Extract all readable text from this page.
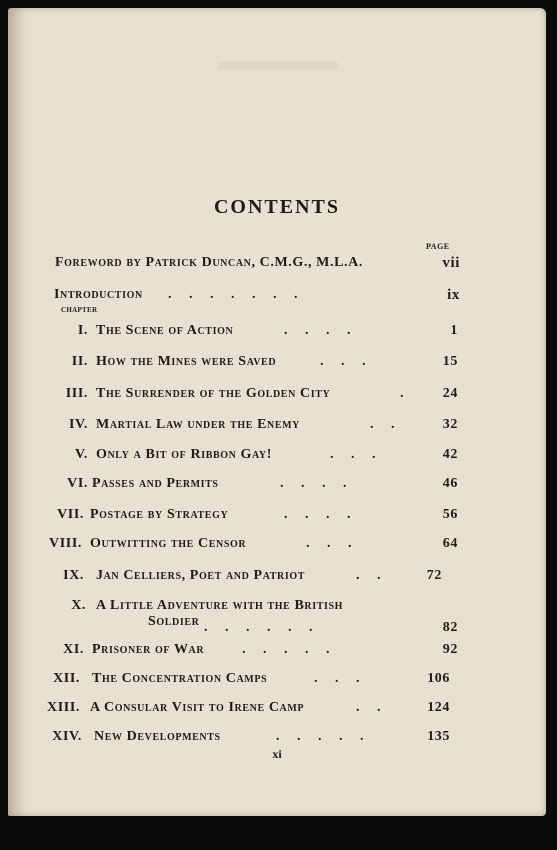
CONTENTS
PAGE
Foreword by Patrick Duncan, C.M.G., M.L.A.	vii
Introduction .     .     .     .     .     .     .	ix
CHAPTER
I. The Scene of Action	.     .     .     .	1
II. How the Mines were Saved	.     .     .	15
III. The Surrender of the Golden City	.	24
IV. Martial Law under the Enemy	.     .	32
V. Only a Bit of Ribbon Gay!	.     .     .	42
VI. Passes and Permits	.     .     .     .	46
VII. Postage by Strategy	.     .     .     .	56
VIII. Outwitting the Censor	.     .     .	64
IX. Jan Celliers, Poet and Patriot	.     .	72
X. A Little Adventure with the British
Soldier .     .     .     .     .     .	82
XI. Prisoner of War	.     .     .     .     .	92
XII. The Concentration Camps	.     .     .	106
XIII. A Consular Visit to Irene Camp	.     .	124
XIV. New Developments	.     .     .     .     .	135
xi
